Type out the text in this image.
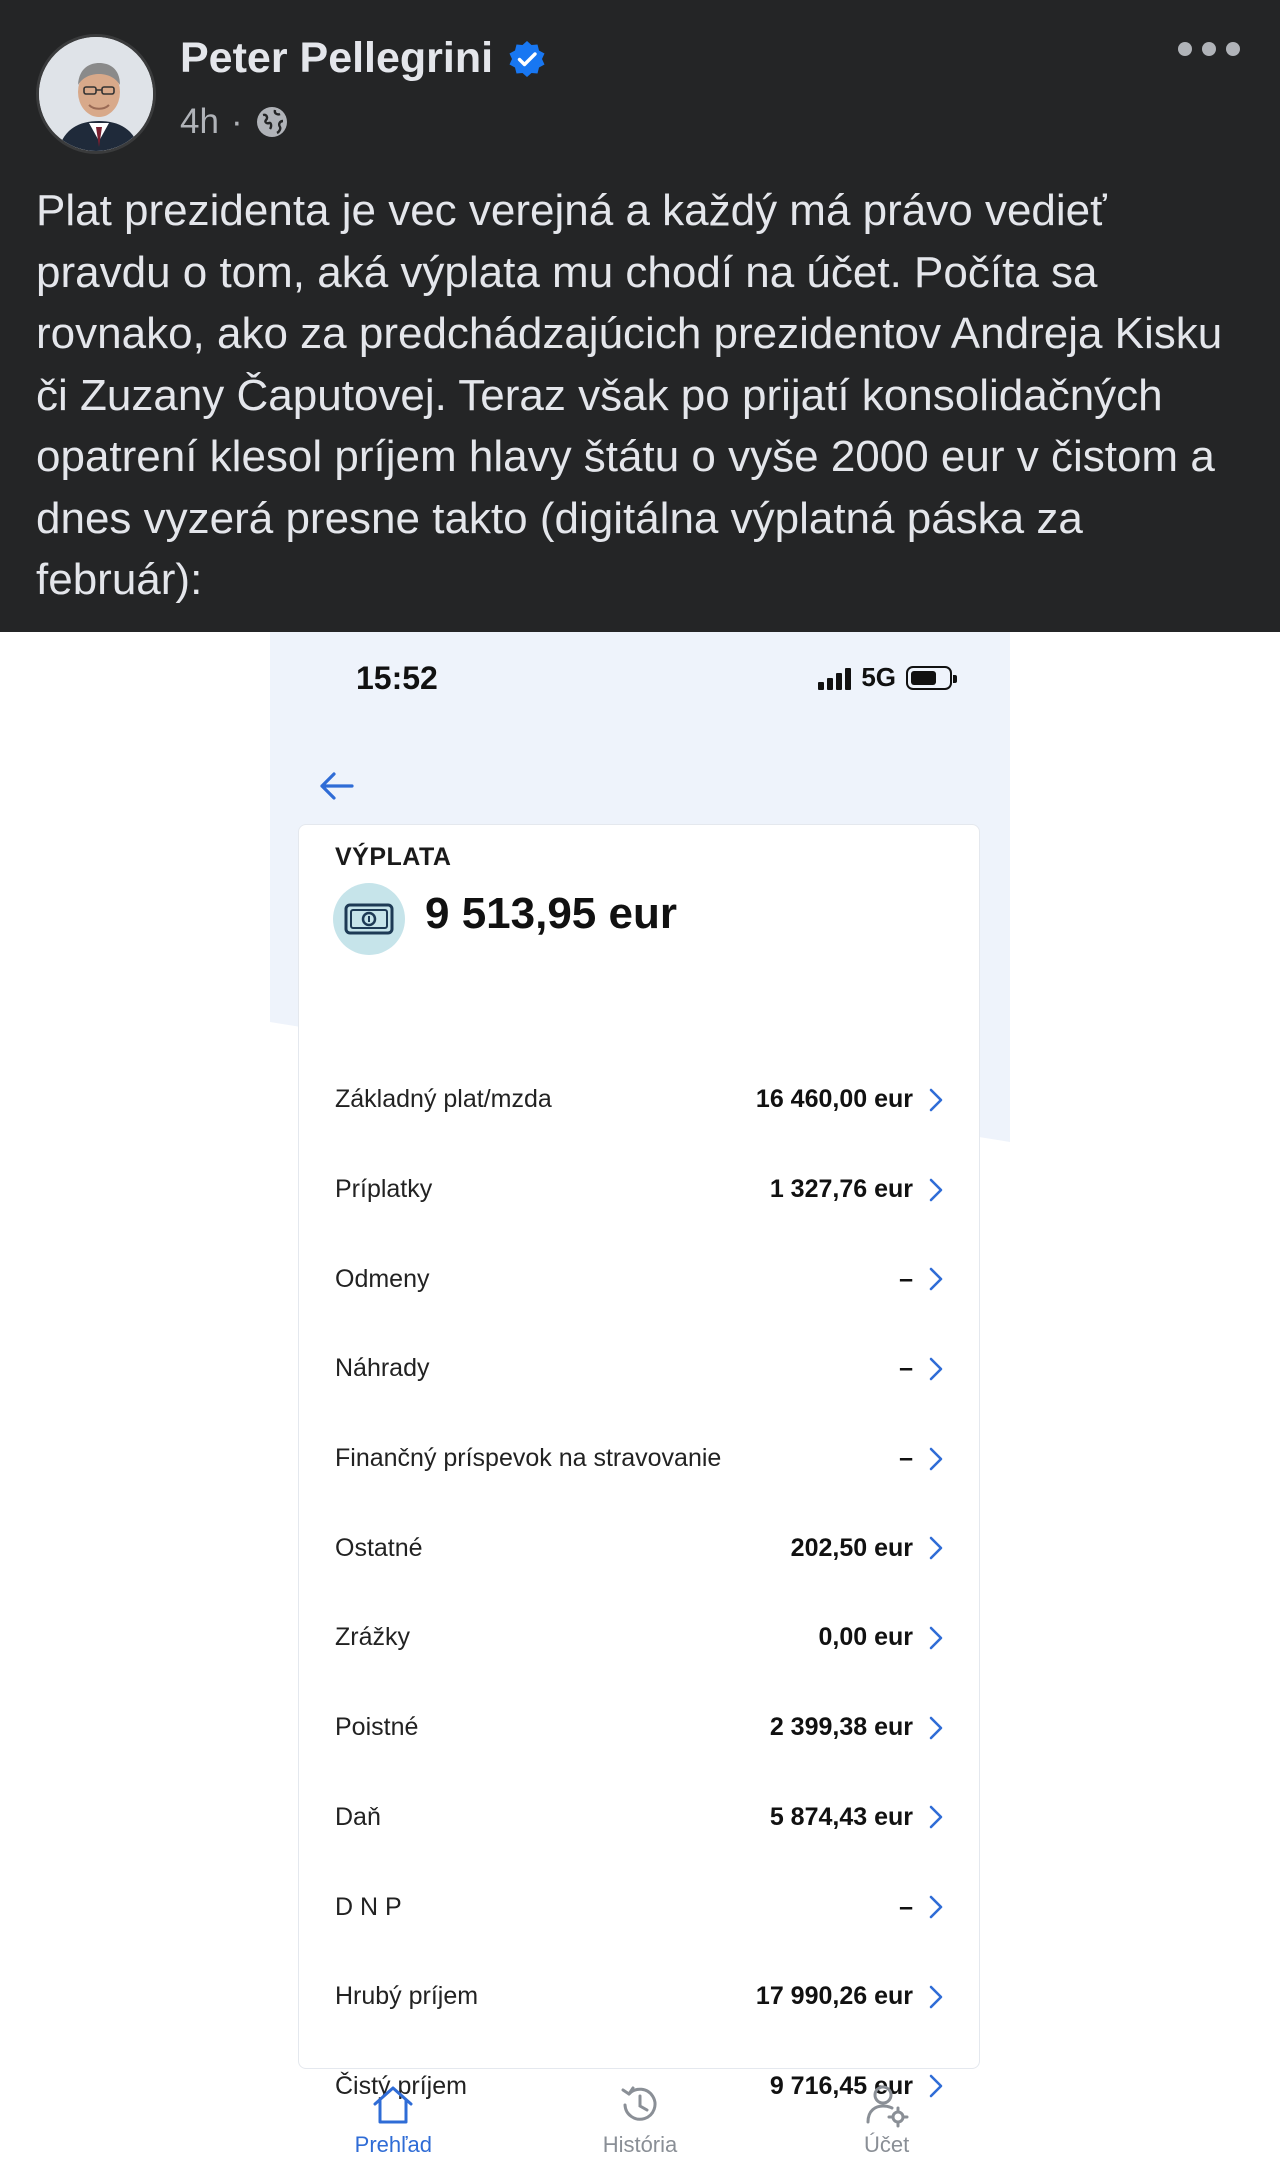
Peter Pellegrini
4h ·

Plat prezidenta je vec verejná a každý má právo vedieť pravdu o tom, aká výplata mu chodí na účet. Počíta sa rovnako, ako za predchádzajúcich prezidentov Andreja Kisku či Zuzany Čaputovej. Teraz však po prijatí konsolidačných opatrení klesol príjem hlavy štátu o vyše 2000 eur v čistom a dnes vyzerá presne takto (digitálna výplatná páska za február):

15:52	5G
VÝPLATA
9 513,95 eur
Základný plat/mzda	16 460,00 eur
Príplatky	1 327,76 eur
Odmeny	–
Náhrady	–
Finančný príspevok na stravovanie	–
Ostatné	202,50 eur
Zrážky	0,00 eur
Poistné	2 399,38 eur
Daň	5 874,43 eur
D N P	–
Hrubý príjem	17 990,26 eur
Čistý príjem	9 716,45 eur
Prehľad	História	Účet
